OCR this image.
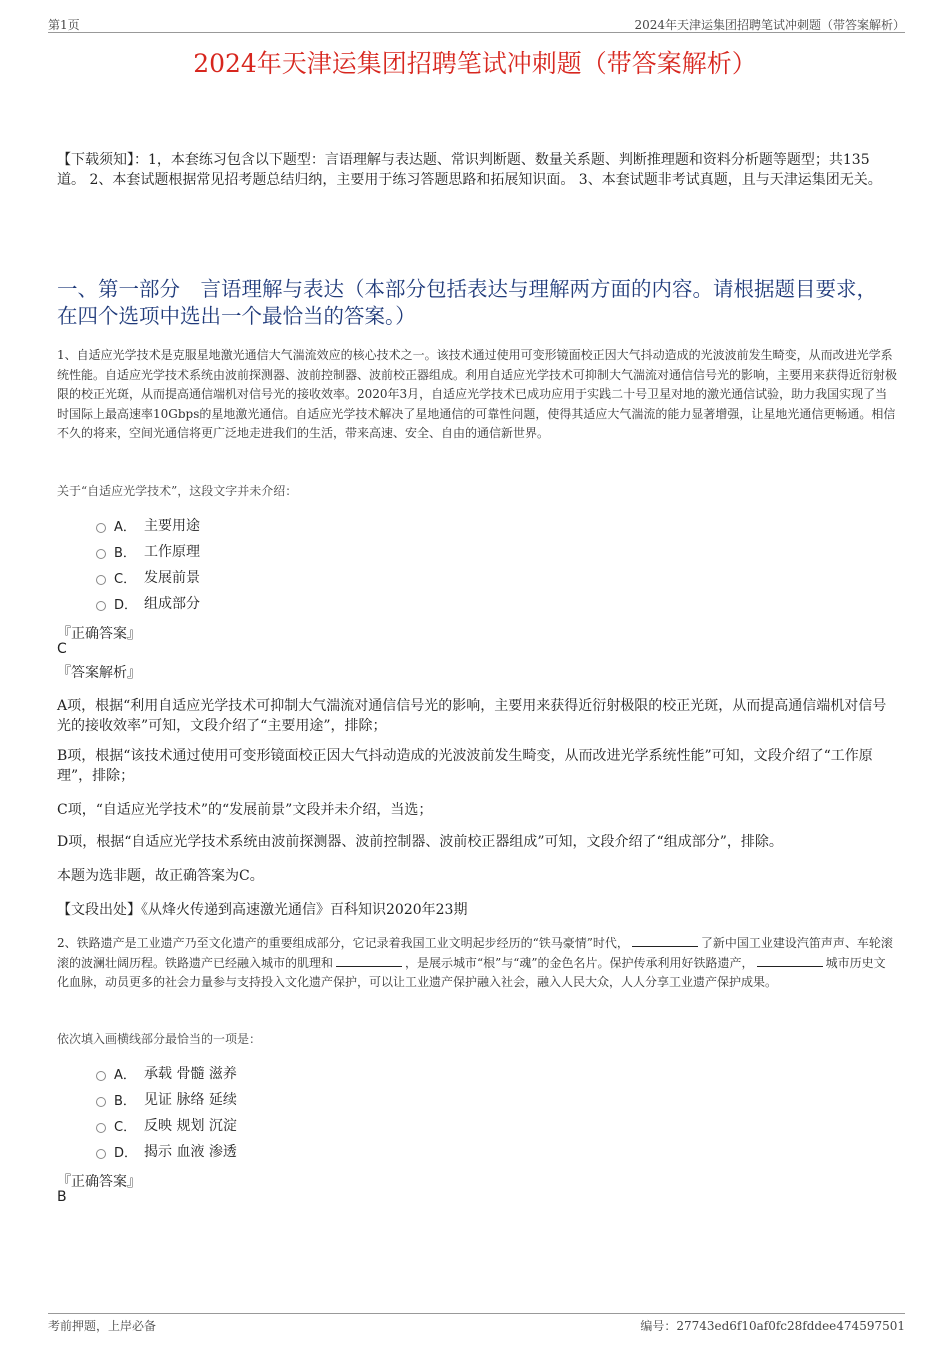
第1页	2024年天津运集团招聘笔试冲刺题（带答案解析）
2024年天津运集团招聘笔试冲刺题（带答案解析）
【下载须知】：1，本套练习包含以下题型：言语理解与表达题、常识判断题、数量关系题、判断推理题和资料分析题等题型；共135道。 2、本套试题根据常见招考题总结归纳，主要用于练习答题思路和拓展知识面。 3、本套试题非考试真题，且与天津运集团无关。
一、第一部分　言语理解与表达（本部分包括表达与理解两方面的内容。请根据题目要求，在四个选项中选出一个最恰当的答案。）
1、自适应光学技术是克服星地激光通信大气湍流效应的核心技术之一。该技术通过使用可变形镜面校正因大气抖动造成的光波波前发生畸变，从而改进光学系统性能。自适应光学技术系统由波前探测器、波前控制器、波前校正器组成。利用自适应光学技术可抑制大气湍流对通信信号光的影响，主要用来获得近衍射极限的校正光斑，从而提高通信端机对信号光的接收效率。2020年3月，自适应光学技术已成功应用于实践二十号卫星对地的激光通信试验，助力我国实现了当时国际上最高速率10Gbps的星地激光通信。自适应光学技术解决了星地通信的可靠性问题，使得其适应大气湍流的能力显著增强，让星地光通信更畅通。相信不久的将来，空间光通信将更广泛地走进我们的生活，带来高速、安全、自由的通信新世界。
关于“自适应光学技术”，这段文字并未介绍：
A． 主要用途
B． 工作原理
C． 发展前景
D． 组成部分
『正确答案』
C
『答案解析』
A项，根据“利用自适应光学技术可抑制大气湍流对通信信号光的影响，主要用来获得近衍射极限的校正光斑，从而提高通信端机对信号光的接收效率”可知，文段介绍了“主要用途”，排除；
B项，根据“该技术通过使用可变形镜面校正因大气抖动造成的光波波前发生畸变，从而改进光学系统性能”可知，文段介绍了“工作原理”，排除；
C项，“自适应光学技术”的“发展前景”文段并未介绍，当选；
D项，根据“自适应光学技术系统由波前探测器、波前控制器、波前校正器组成”可知，文段介绍了“组成部分”，排除。
本题为选非题，故正确答案为C。
【文段出处】《从烽火传递到高速激光通信》百科知识2020年23期
2、铁路遗产是工业遗产乃至文化遗产的重要组成部分，它记录着我国工业文明起步经历的“铁马豪情”时代，	了新中国工业建设汽笛声声、车轮滚滚的波澜壮阔历程。铁路遗产已经融入城市的肌理和	，是展示城市“根”与“魂”的金色名片。保护传承利用好铁路遗产，	城市历史文化血脉，动员更多的社会力量参与支持投入文化遗产保护，可以让工业遗产保护融入社会，融入人民大众，人人分享工业遗产保护成果。
依次填入画横线部分最恰当的一项是：
A． 承载 骨髓 滋养
B． 见证 脉络 延续
C． 反映 规划 沉淀
D． 揭示 血液 渗透
『正确答案』
B
考前押题，上岸必备	编号：27743ed6f10af0fc28fddee474597501
